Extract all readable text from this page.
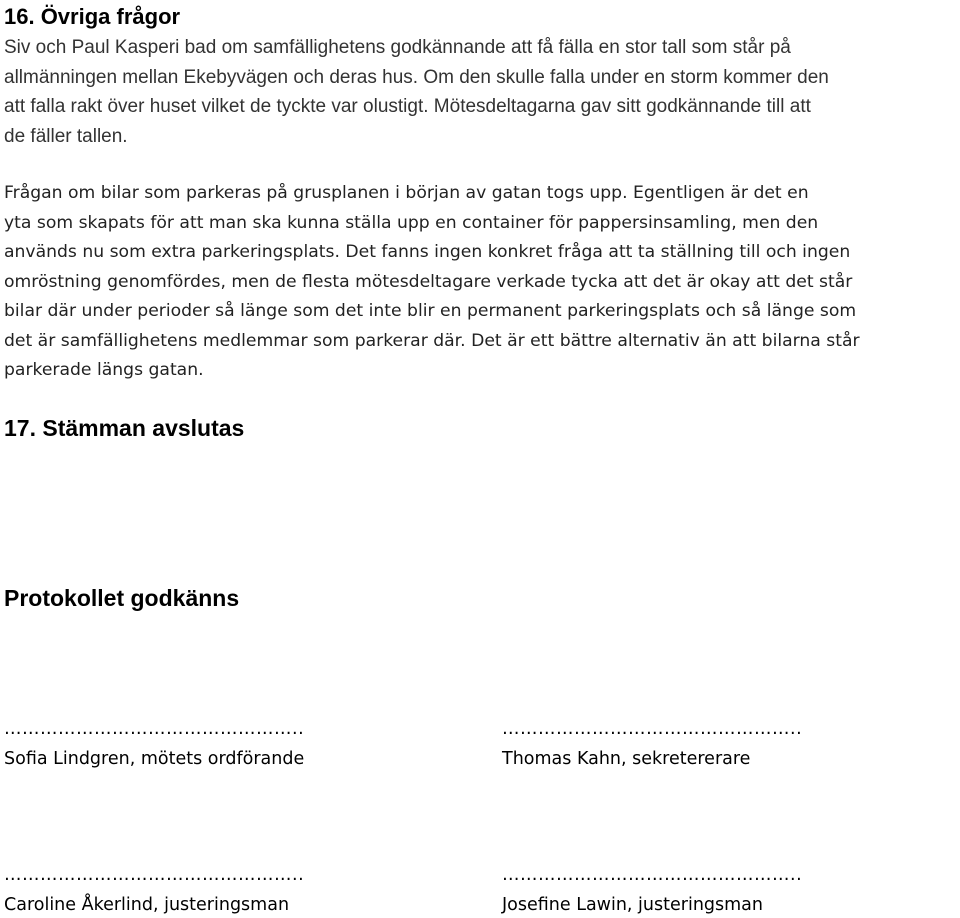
16. Övriga frågor

Siv och Paul Kasperi bad om samfällighetens godkännande att få fälla en stor tall som står på
allmänningen mellan Ekebyvägen och deras hus. Om den skulle falla under en storm kommer den
att falla rakt över huset vilket de tyckte var olustigt. Mötesdeltagarna gav sitt godkännande till att
de fäller tallen.

Frågan om bilar som parkeras på grusplanen i början av gatan togs upp. Egentligen är det en
yta som skapats för att man ska kunna ställa upp en container för pappersinsamling, men den
används nu som extra parkeringsplats. Det fanns ingen konkret fråga att ta ställning till och ingen
omröstning genomfördes, men de flesta mötesdeltagare verkade tycka att det är okay att det står
bilar där under perioder så länge som det inte blir en permanent parkeringsplats och så länge som
det är samfällighetens medlemmar som parkerar där. Det är ett bättre alternativ än att bilarna står
parkerade längs gatan.

17. Stämman avslutas
Protokollet godkänns

…………………………………………..

Sofia Lindgren, mötets ordförande

…………………………………………..

Thomas Kahn, sekretererare

…………………………………………..

Caroline Åkerlind, justeringsman

…………………………………………..

Josefine Lawin, justeringsman
